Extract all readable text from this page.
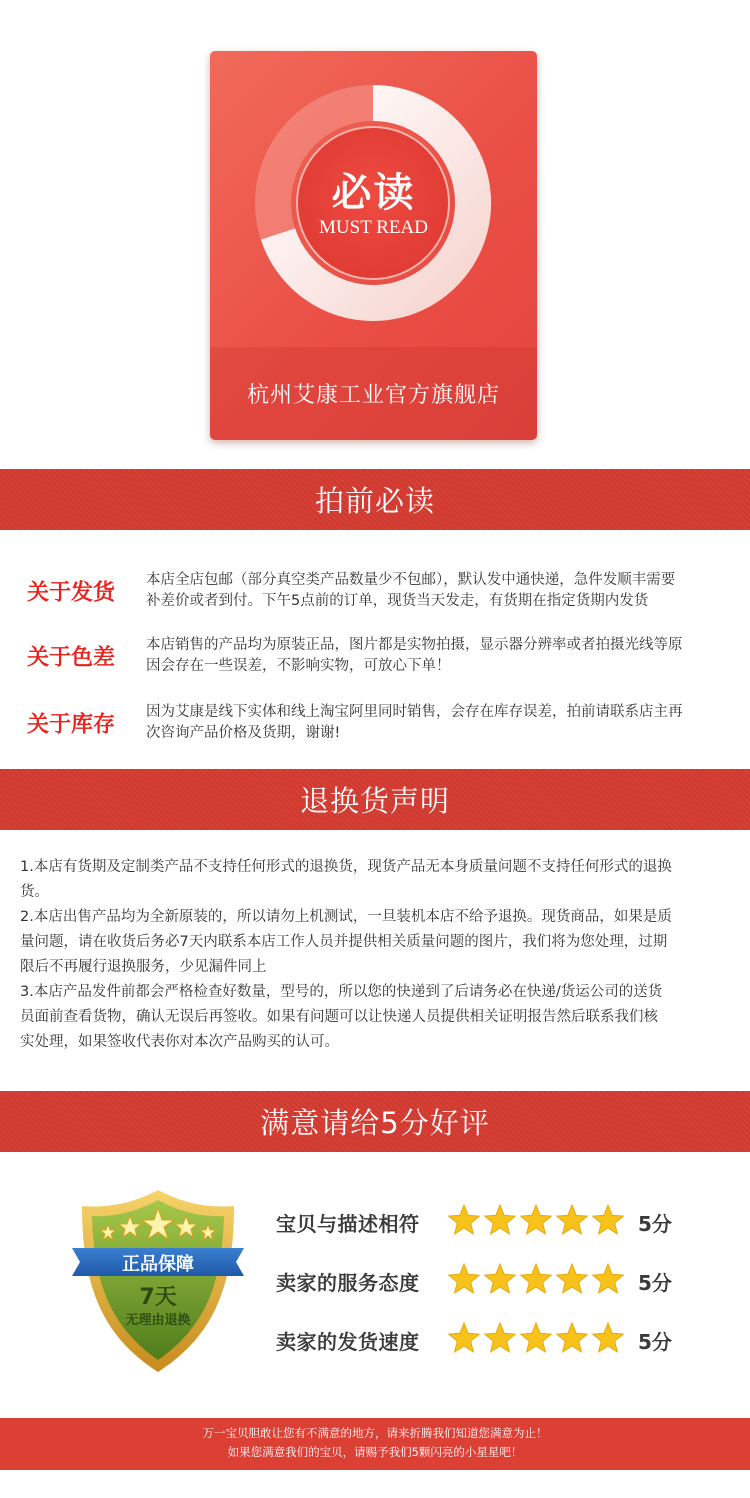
必读
MUST READ
杭州艾康工业官方旗舰店
拍前必读
关于发货
本店全店包邮（部分真空类产品数量少不包邮），默认发中通快递，急件发顺丰需要
补差价或者到付。下午5点前的订单，现货当天发走，有货期在指定货期内发货
关于色差
本店销售的产品均为原装正品，图片都是实物拍摄，显示器分辨率或者拍摄光线等原
因会存在一些误差，不影响实物，可放心下单！
关于库存
因为艾康是线下实体和线上淘宝阿里同时销售，会存在库存误差，拍前请联系店主再
次咨询产品价格及货期，谢谢!
退换货声明
1.本店有货期及定制类产品不支持任何形式的退换货，现货产品无本身质量问题不支持任何形式的退换
货。
2.本店出售产品均为全新原装的，所以请勿上机测试，一旦装机本店不给予退换。现货商品，如果是质
量问题，请在收货后务必7天内联系本店工作人员并提供相关质量问题的图片，我们将为您处理，过期
限后不再履行退换服务，少见漏件同上
3.本店产品发件前都会严格检查好数量，型号的，所以您的快递到了后请务必在快递/货运公司的送货
员面前查看货物，确认无误后再签收。如果有问题可以让快递人员提供相关证明报告然后联系我们核
实处理，如果签收代表你对本次产品购买的认可。
满意请给5分好评
正品保障
7天
无理由退换
宝贝与描述相符	5分
卖家的服务态度	5分
卖家的发货速度	5分
万一宝贝胆敢让您有不满意的地方，请来折腾我们知道您满意为止！
如果您满意我们的宝贝，请赐予我们5颗闪亮的小星星吧！
